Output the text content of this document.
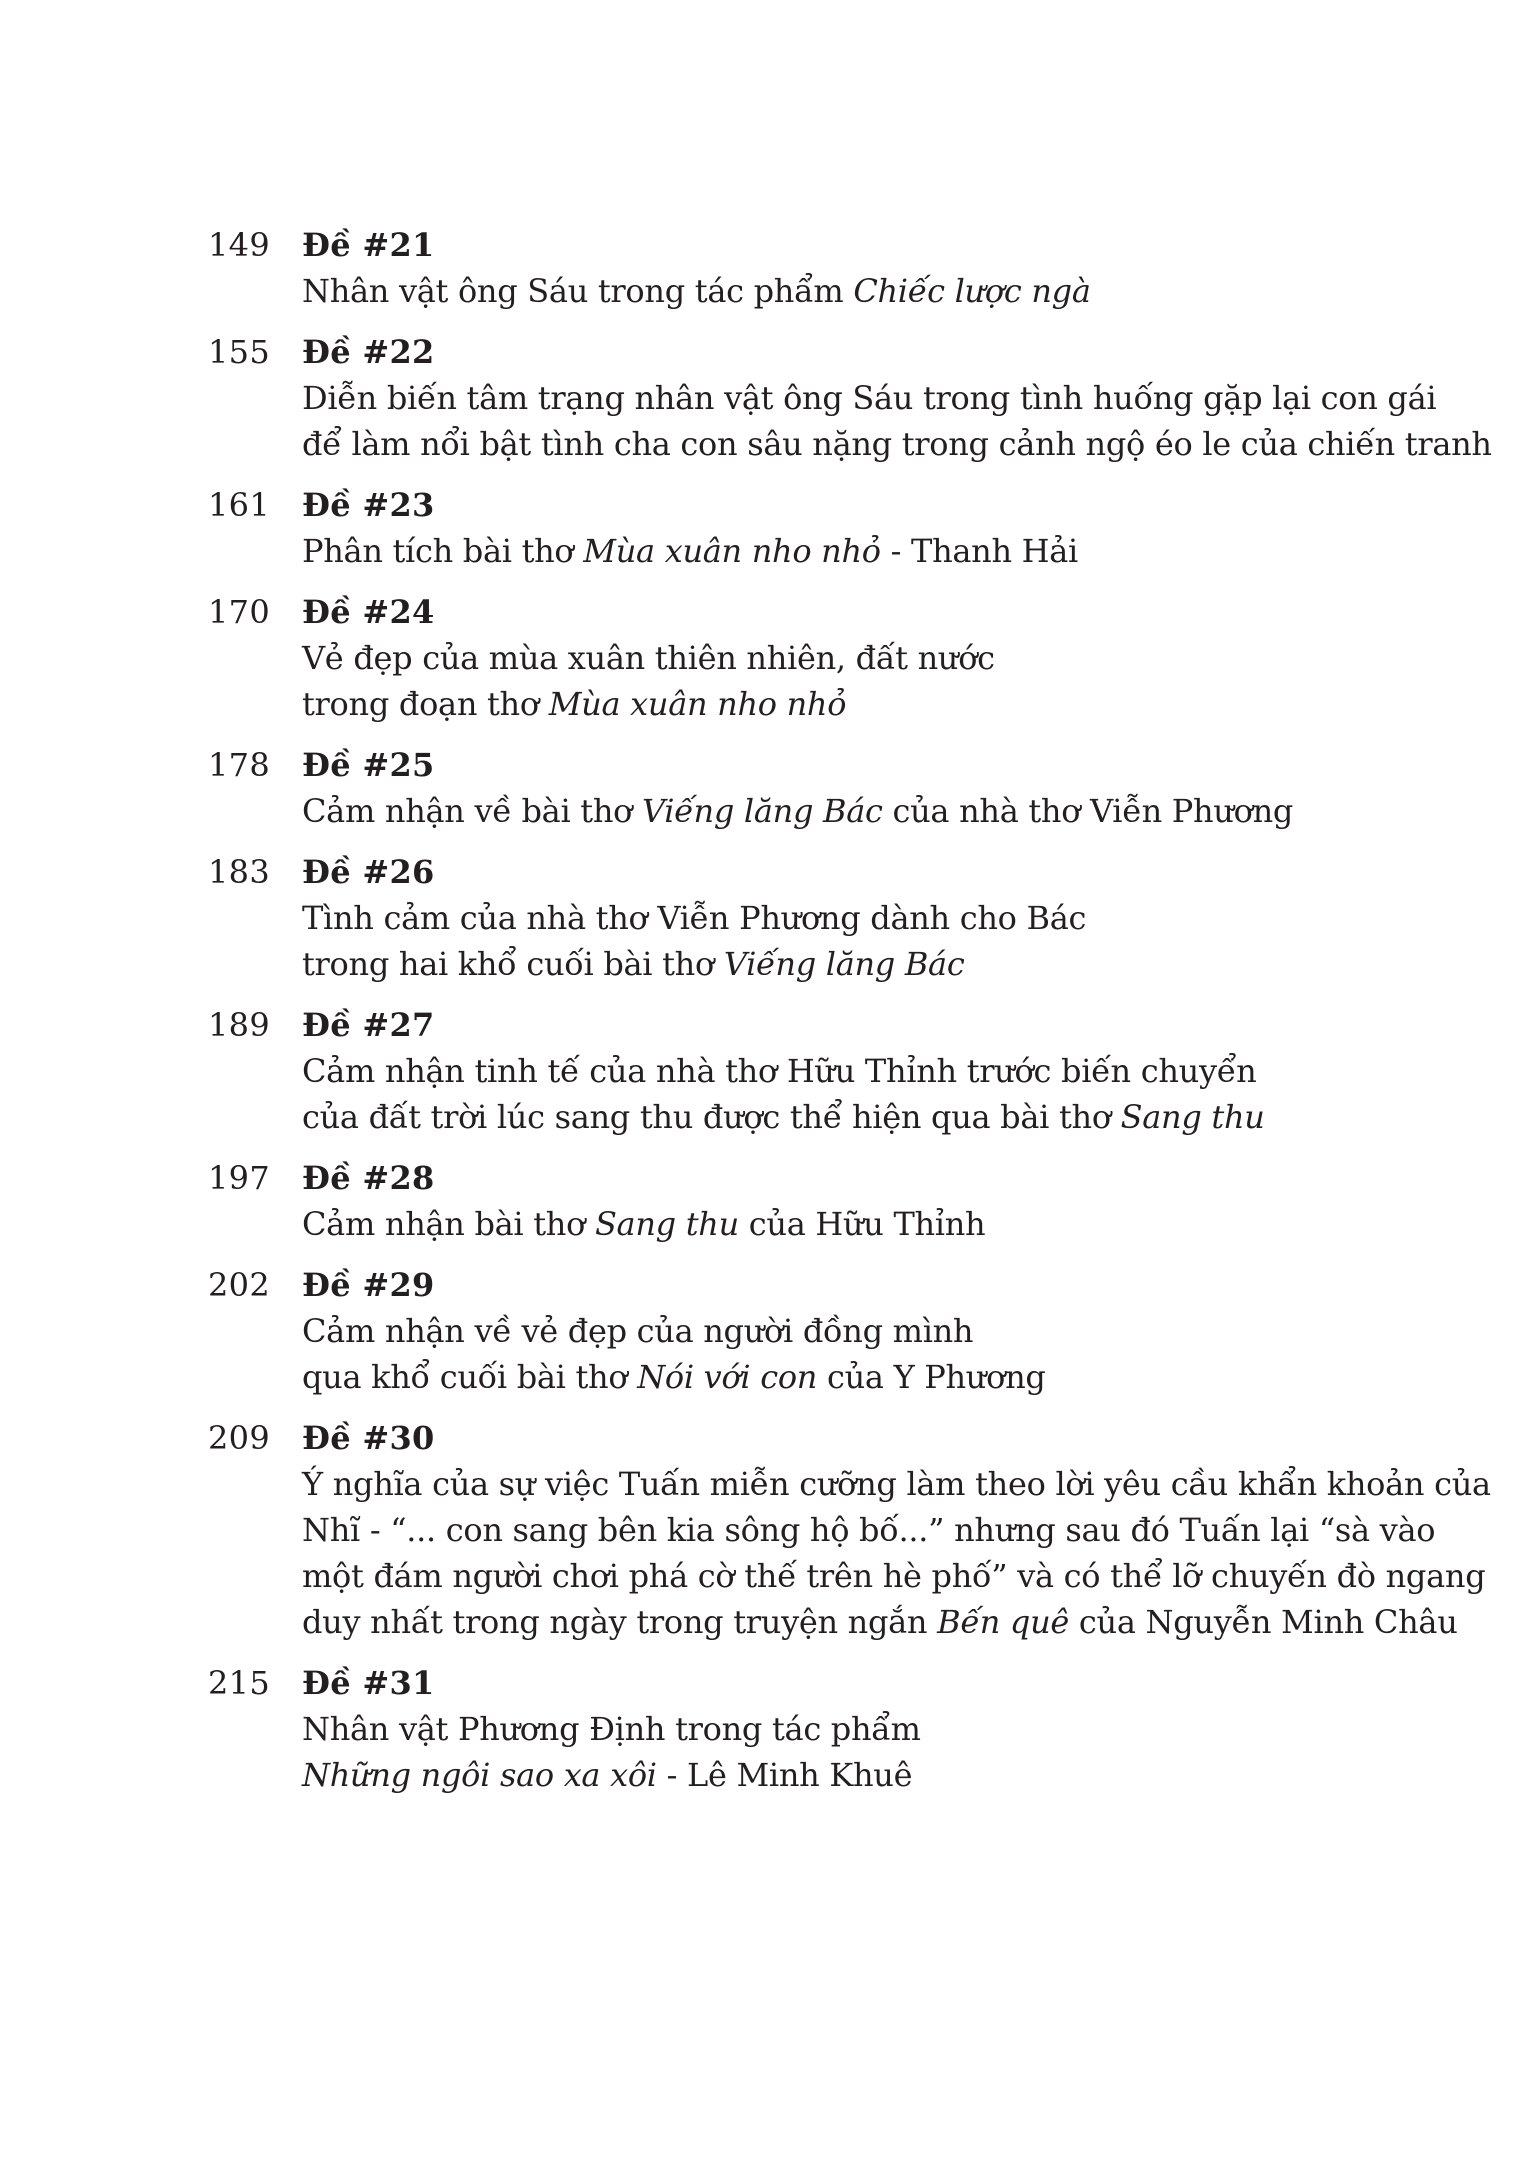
149 Đề #21
Nhân vật ông Sáu trong tác phẩm Chiếc lược ngà
155 Đề #22
Diễn biến tâm trạng nhân vật ông Sáu trong tình huống gặp lại con gái
để làm nổi bật tình cha con sâu nặng trong cảnh ngộ éo le của chiến tranh
161 Đề #23
Phân tích bài thơ Mùa xuân nho nhỏ - Thanh Hải
170 Đề #24
Vẻ đẹp của mùa xuân thiên nhiên, đất nước
trong đoạn thơ Mùa xuân nho nhỏ
178 Đề #25
Cảm nhận về bài thơ Viếng lăng Bác của nhà thơ Viễn Phương
183 Đề #26
Tình cảm của nhà thơ Viễn Phương dành cho Bác
trong hai khổ cuối bài thơ Viếng lăng Bác
189 Đề #27
Cảm nhận tinh tế của nhà thơ Hữu Thỉnh trước biến chuyển
của đất trời lúc sang thu được thể hiện qua bài thơ Sang thu
197 Đề #28
Cảm nhận bài thơ Sang thu của Hữu Thỉnh
202 Đề #29
Cảm nhận về vẻ đẹp của người đồng mình
qua khổ cuối bài thơ Nói với con của Y Phương
209 Đề #30
Ý nghĩa của sự việc Tuấn miễn cưỡng làm theo lời yêu cầu khẩn khoản của
Nhĩ - “... con sang bên kia sông hộ bố...” nhưng sau đó Tuấn lại “sà vào
một đám người chơi phá cờ thế trên hè phố” và có thể lỡ chuyến đò ngang
duy nhất trong ngày trong truyện ngắn Bến quê của Nguyễn Minh Châu
215 Đề #31
Nhân vật Phương Định trong tác phẩm
Những ngôi sao xa xôi - Lê Minh Khuê
